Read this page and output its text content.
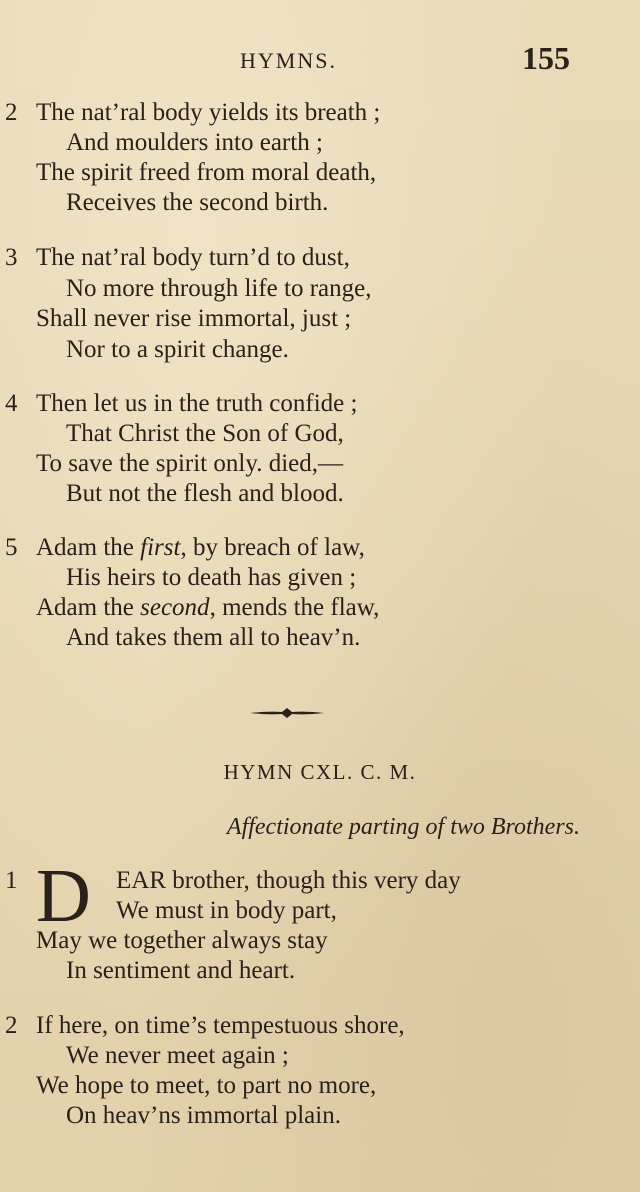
HYMNS.	155
2 The nat’ral body yields its breath ;
And moulders into earth ;
The spirit freed from moral death,
Receives the second birth.
3 The nat’ral body turn’d to dust,
No more through life to range,
Shall never rise immortal, just ;
Nor to a spirit change.
4 Then let us in the truth confide ;
That Christ the Son of God,
To save the spirit only. died,—
But not the flesh and blood.
5 Adam the first, by breach of law,
His heirs to death has given ;
Adam the second, mends the flaw,
And takes them all to heav’n.
HYMN CXL. C. M.
Affectionate parting of two Brothers.
1 D EAR brother, though this very day
We must in body part,
May we together always stay
In sentiment and heart.
2 If here, on time’s tempestuous shore,
We never meet again ;
We hope to meet, to part no more,
On heav’ns immortal plain.
